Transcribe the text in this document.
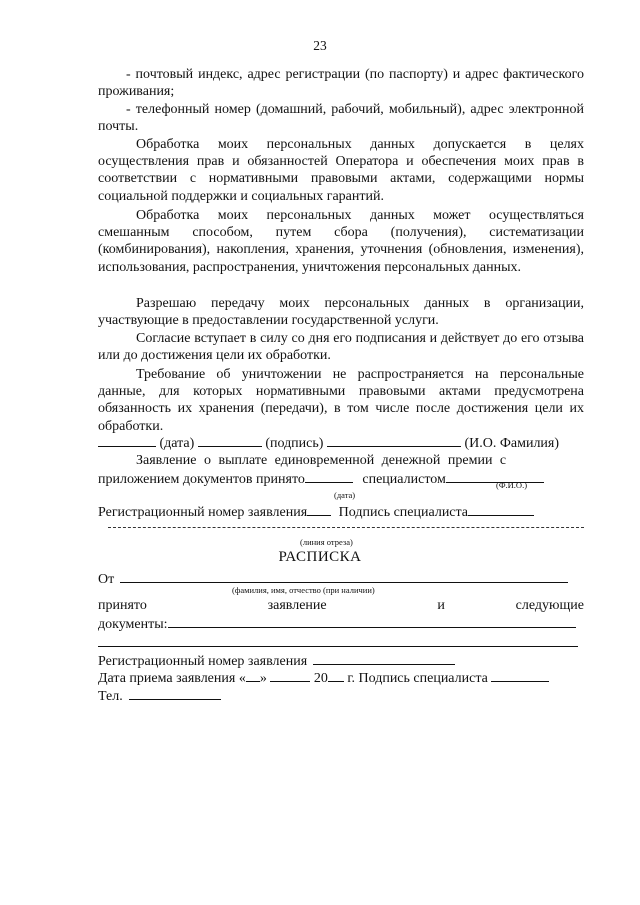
23
- почтовый индекс, адрес регистрации (по паспорту) и адрес фактического проживания;
- телефонный номер (домашний, рабочий, мобильный), адрес электронной почты.
Обработка моих персональных данных допускается в целях осуществления прав и обязанностей Оператора и обеспечения моих прав в соответствии с нормативными правовыми актами, содержащими нормы социальной поддержки и социальных гарантий.
Обработка моих персональных данных может осуществляться смешанным способом, путем сбора (получения), систематизации (комбинирования), накопления, хранения, уточнения (обновления, изменения), использования, распространения, уничтожения персональных данных.
Разрешаю передачу моих персональных данных в организации, участвующие в предоставлении государственной услуги.
Согласие вступает в силу со дня его подписания и действует до его отзыва или до достижения цели их обработки.
Требование об уничтожении не распространяется на персональные данные, для которых нормативными правовыми актами предусмотрена обязанность их хранения (передачи), в том числе после достижения цели их обработки.
(дата)	(подпись)	(И.О. Фамилия)
Заявление о выплате единовременной денежной премии с
приложением документов принято	специалистом
(дата)
(Ф.И.О.)
Регистрационный номер заявления Подпись специалиста
(линия отреза)
РАСПИСКА
От
(фамилия, имя, отчество (при наличии)
принято	заявление	и	следующие
документы:
Регистрационный номер заявления
Дата приема заявления « »	20 г. Подпись специалиста
Тел.
